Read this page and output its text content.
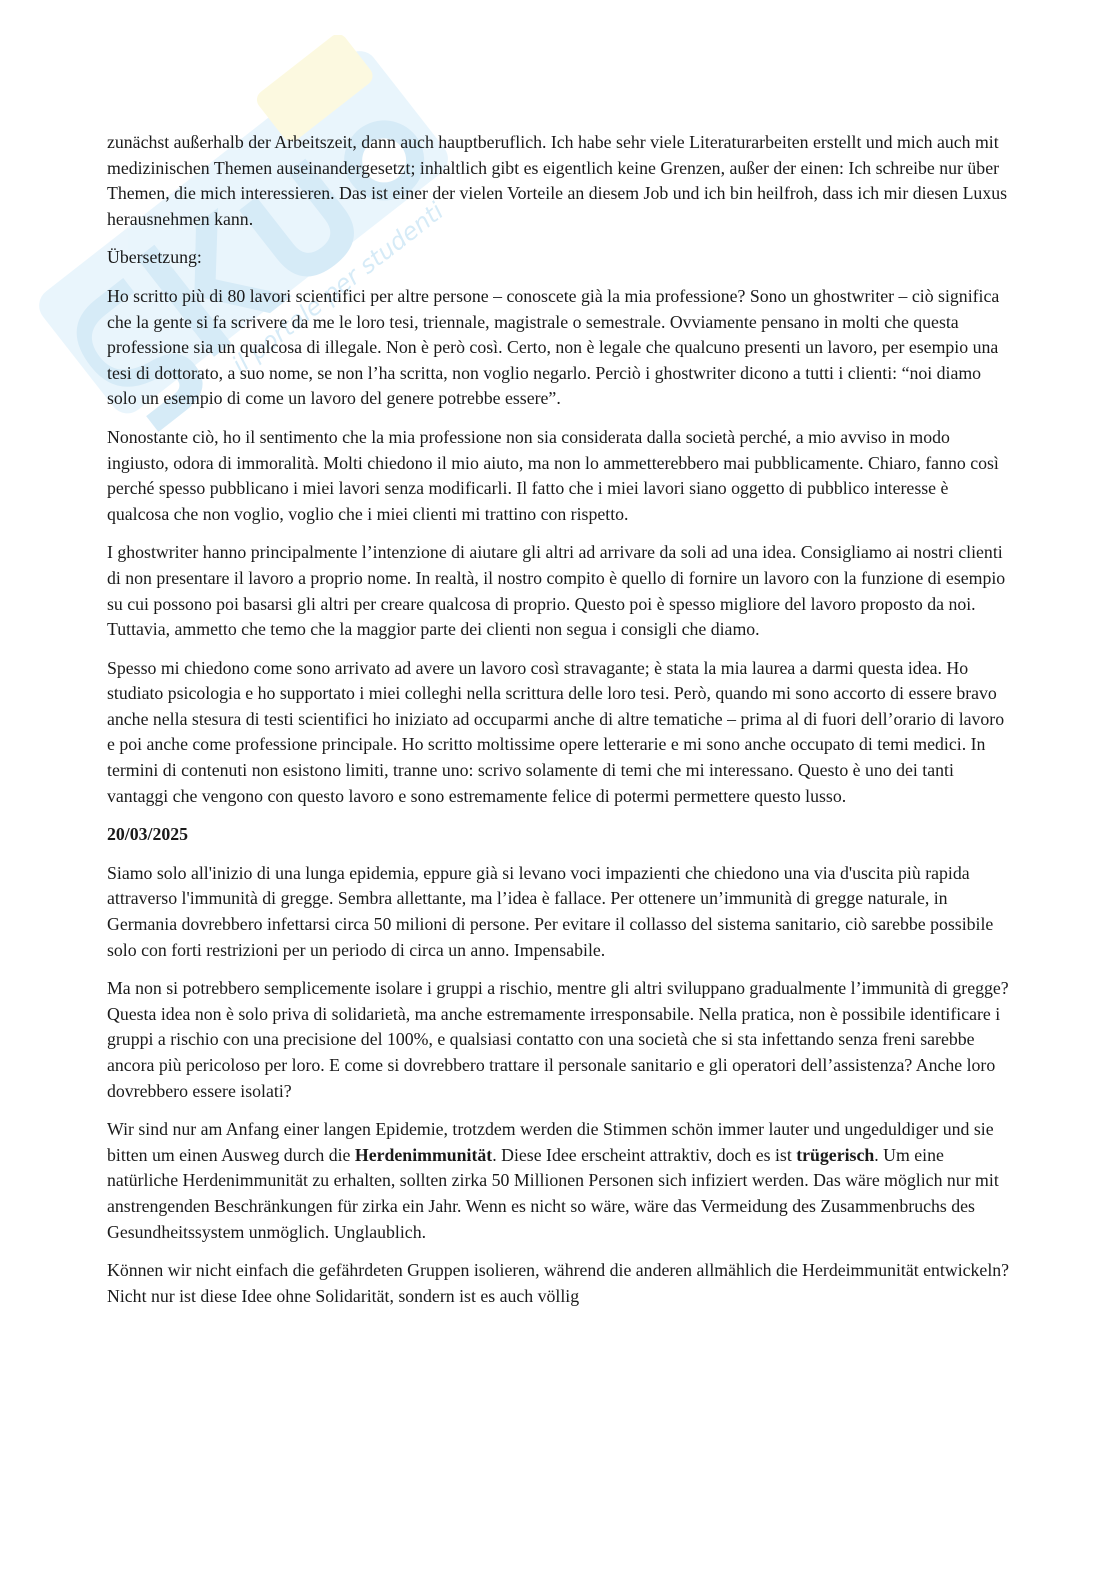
il portale per studenti

zunächst außerhalb der Arbeitszeit, dann auch hauptberuflich. Ich habe sehr viele Literaturarbeiten erstellt und mich auch mit medizinischen Themen auseinandergesetzt; inhaltlich gibt es eigentlich keine Grenzen, außer der einen: Ich schreibe nur über Themen, die mich interessieren. Das ist einer der vielen Vorteile an diesem Job und ich bin heilfroh, dass ich mir diesen Luxus herausnehmen kann.

Übersetzung:

Ho scritto più di 80 lavori scientifici per altre persone – conoscete già la mia professione? Sono un ghostwriter – ciò significa che la gente si fa scrivere da me le loro tesi, triennale, magistrale o semestrale. Ovviamente pensano in molti che questa professione sia un qualcosa di illegale. Non è però così. Certo, non è legale che qualcuno presenti un lavoro, per esempio una tesi di dottorato, a suo nome, se non l’ha scritta, non voglio negarlo. Perciò i ghostwriter dicono a tutti i clienti: “noi diamo solo un esempio di come un lavoro del genere potrebbe essere”.

Nonostante ciò, ho il sentimento che la mia professione non sia considerata dalla società perché, a mio avviso in modo ingiusto, odora di immoralità. Molti chiedono il mio aiuto, ma non lo ammetterebbero mai pubblicamente. Chiaro, fanno così perché spesso pubblicano i miei lavori senza modificarli. Il fatto che i miei lavori siano oggetto di pubblico interesse è qualcosa che non voglio, voglio che i miei clienti mi trattino con rispetto.

I ghostwriter hanno principalmente l’intenzione di aiutare gli altri ad arrivare da soli ad una idea. Consigliamo ai nostri clienti di non presentare il lavoro a proprio nome. In realtà, il nostro compito è quello di fornire un lavoro con la funzione di esempio su cui possono poi basarsi gli altri per creare qualcosa di proprio. Questo poi è spesso migliore del lavoro proposto da noi. Tuttavia, ammetto che temo che la maggior parte dei clienti non segua i consigli che diamo.

Spesso mi chiedono come sono arrivato ad avere un lavoro così stravagante; è stata la mia laurea a darmi questa idea. Ho studiato psicologia e ho supportato i miei colleghi nella scrittura delle loro tesi. Però, quando mi sono accorto di essere bravo anche nella stesura di testi scientifici ho iniziato ad occuparmi anche di altre tematiche – prima al di fuori dell’orario di lavoro e poi anche come professione principale. Ho scritto moltissime opere letterarie e mi sono anche occupato di temi medici. In termini di contenuti non esistono limiti, tranne uno: scrivo solamente di temi che mi interessano. Questo è uno dei tanti vantaggi che vengono con questo lavoro e sono estremamente felice di potermi permettere questo lusso.

20/03/2025

Siamo solo all'inizio di una lunga epidemia, eppure già si levano voci impazienti che chiedono una via d'uscita più rapida attraverso l'immunità di gregge. Sembra allettante, ma l’idea è fallace. Per ottenere un’immunità di gregge naturale, in Germania dovrebbero infettarsi circa 50 milioni di persone. Per evitare il collasso del sistema sanitario, ciò sarebbe possibile solo con forti restrizioni per un periodo di circa un anno. Impensabile.

Ma non si potrebbero semplicemente isolare i gruppi a rischio, mentre gli altri sviluppano gradualmente l’immunità di gregge? Questa idea non è solo priva di solidarietà, ma anche estremamente irresponsabile. Nella pratica, non è possibile identificare i gruppi a rischio con una precisione del 100%, e qualsiasi contatto con una società che si sta infettando senza freni sarebbe ancora più pericoloso per loro. E come si dovrebbero trattare il personale sanitario e gli operatori dell’assistenza? Anche loro dovrebbero essere isolati?

Wir sind nur am Anfang einer langen Epidemie, trotzdem werden die Stimmen schön immer lauter und ungeduldiger und sie bitten um einen Ausweg durch die Herdenimmunität. Diese Idee erscheint attraktiv, doch es ist trügerisch. Um eine natürliche Herdenimmunität zu erhalten, sollten zirka 50 Millionen Personen sich infiziert werden. Das wäre möglich nur mit anstrengenden Beschränkungen für zirka ein Jahr. Wenn es nicht so wäre, wäre das Vermeidung des Zusammenbruchs des Gesundheitssystem unmöglich. Unglaublich.

Können wir nicht einfach die gefährdeten Gruppen isolieren, während die anderen allmählich die Herdeimmunität entwickeln? Nicht nur ist diese Idee ohne Solidarität, sondern ist es auch völlig
